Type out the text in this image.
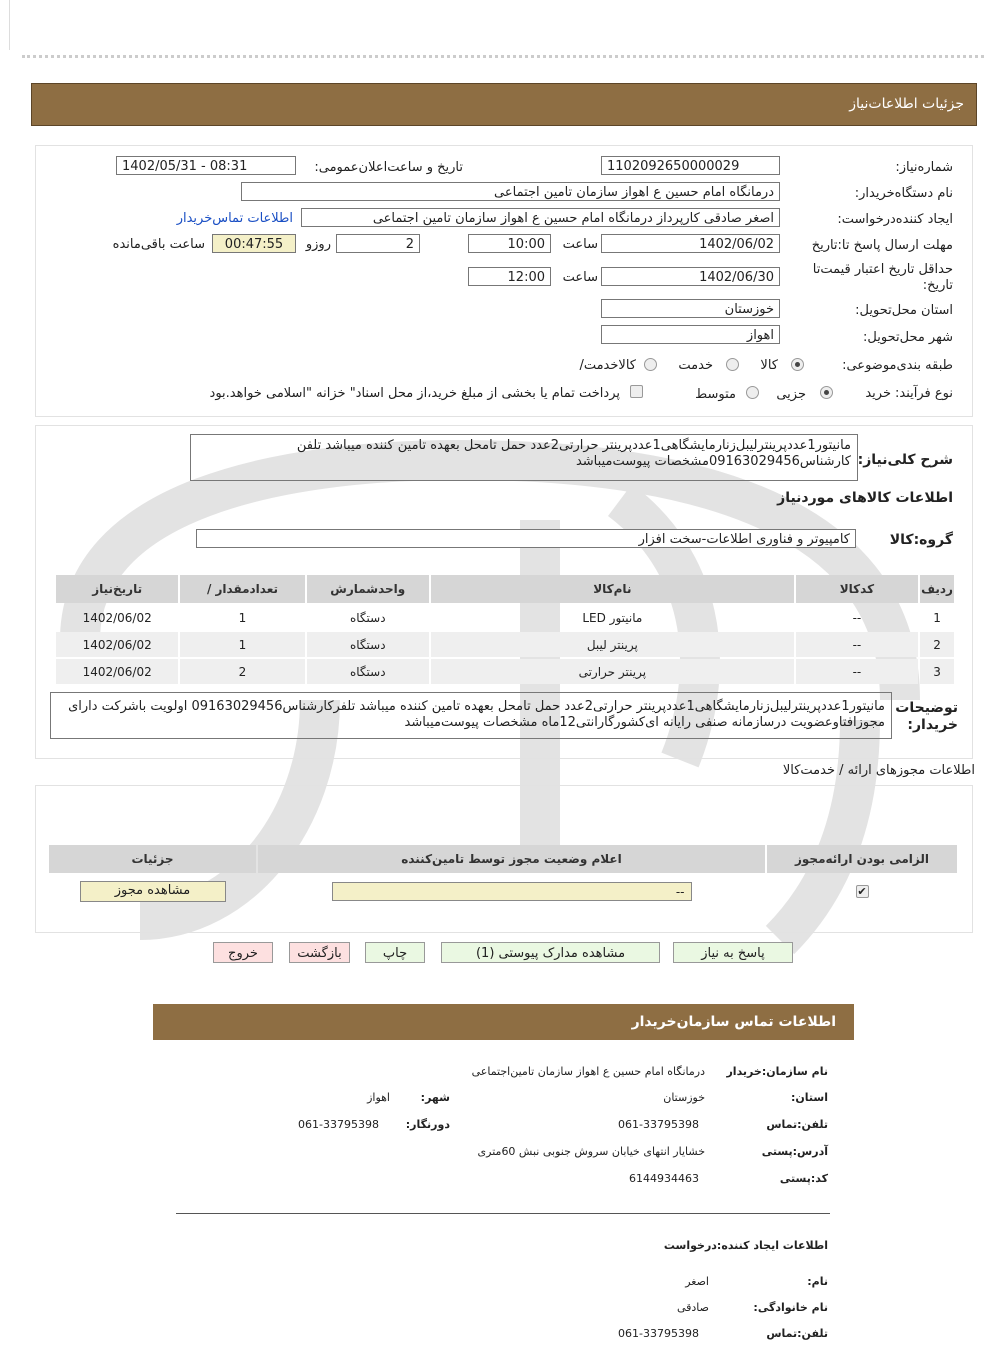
جزئیات اطلاعات‌نیاز
شماره‌نیاز:
1102092650000029
تاریخ و ساعت‌اعلان‌عمومی:
1402/05/31 - 08:31
نام دستگاه‌خریدار:
درمانگاه امام حسین ع اهواز سازمان تامین اجتماعی
ایجاد کننده‌درخواست:
اصغر صادقی کارپرداز درمانگاه امام حسین ع اهواز سازمان تامین اجتماعی
اطلاعات تماس‌خریدار
مهلت ارسال پاسخ تا:تاریخ
1402/06/02
ساعت
10:00
2
روزو
00:47:55
ساعت باقی‌مانده
حداقل تاریخ اعتبار قیمت‌تا تاریخ:
1402/06/30
ساعت
12:00
استان محل‌تحویل:
خوزستان
شهر محل‌تحویل:
اهواز
طبقه بندی‌موضوعی:
کالا
خدمت
کالاخدمت/
نوع فرآیند:
خرید
جزیی
متوسط
پرداخت تمام یا بخشی از مبلغ خرید،از محل اسناد" خزانه "اسلامی خواهد.بود
شرح کلی‌نیاز:
مانیتور1عددپرینترلیبل‌زنارمایشگاهی1عددپرینتر حرارتی2عدد حمل تامحل بعهده تامین کننده میباشد تلفن کارشناس09163029456مشخصات پیوست‌میباشد
اطلاعات کالاهای موردنیاز
گروه:کالا
کامپیوتر و فناوری اطلاعات-سخت افزار
ردیف	کدکالا	نام‌کالا	واحدشمارش	تعداد‌مقدار /	تاریخ‌نیاز
1	--	مانیتور LED	دستگاه	1	1402/06/02
2	--	پرینتر لیبل	دستگاه	1	1402/06/02
3	--	پرینتر حرارتی	دستگاه	2	1402/06/02
توضیحات خریدار:
مانیتور1عددپرینترلیبل‌زنارمایشگاهی1عددپرینتر حرارتی2عدد حمل تامحل بعهده تامین کننده میباشد تلفرکارشناس09163029456 اولویت باشرکت دارای مجوزافتاوعضویت درسازمانه صنفی رایانه ای‌کشورگارانتی12ماه مشخصات پیوست‌میباشد
اطلاعات مجوزهای ارائه / خدمت‌کالا
الزامی بودن ارائه‌مجوز	اعلام وضعیت مجوز توسط تامین‌کننده	جزئیات
✔	--	مشاهده مجوز
پاسخ به نیاز
مشاهده مدارک پیوستی (1)
چاپ
بازگشت
خروج
اطلاعات تماس سازمان‌خریدار
نام سازمان:خریدار
درمانگاه امام حسین ع اهواز سازمان تامین‌اجتماعی
استان:
خوزستان
شهر:
اهواز
تلفن:تماس
061-33795398
دورنگار:
061-33795398
آدرس:پستی
خشایار انتهای خیابان سروش جنوبی نبش 60متری
کد:پستی
6144934463
اطلاعات ایجاد کننده:درخواست
نام:
اصغر
نام خانوادگی:
صادقی
تلفن:تماس
061-33795398
